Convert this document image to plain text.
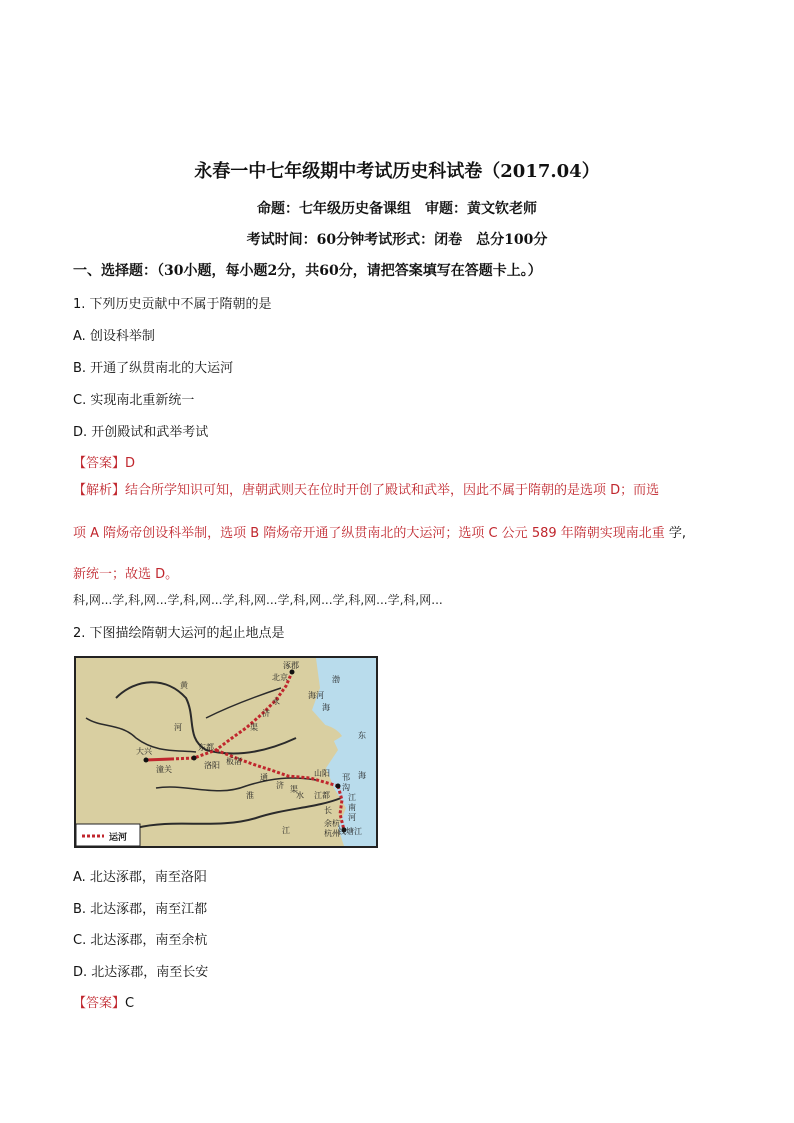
永春一中七年级期中考试历史科试卷（2017.04）
命题：七年级历史备课组　审题：黄文钦老师
考试时间：60分钟考试形式：闭卷　总分100分
一、选择题：（30小题，每小题2分，共60分，请把答案填写在答题卡上。）
1. 下列历史贡献中不属于隋朝的是
A. 创设科举制
B. 开通了纵贯南北的大运河
C. 实现南北重新统一
D. 开创殿试和武举考试
【答案】D
【解析】结合所学知识可知，唐朝武则天在位时开创了殿试和武举，因此不属于隋朝的是选项 D；而选
项 A 隋炀帝创设科举制，选项 B 隋炀帝开通了纵贯南北的大运河；选项 C 公元 589 年隋朝实现南北重 学,
新统一；故选 D。
科,网...学,科,网...学,科,网...学,科,网...学,科,网...学,科,网...学,科,网...
2. 下图描绘隋朝大运河的起止地点是
涿郡
北京
海河
渤
海
黄
河
永
济
渠
大兴
潼关
东都
洛阳 板渚
通
济 渠
淮	水
山阳 邗
沟
江都
长
江
余杭
杭州
钱塘江
东
海
江
南
河
运河
A. 北达涿郡，南至洛阳
B. 北达涿郡，南至江都
C. 北达涿郡，南至余杭
D. 北达涿郡，南至长安
【答案】C
